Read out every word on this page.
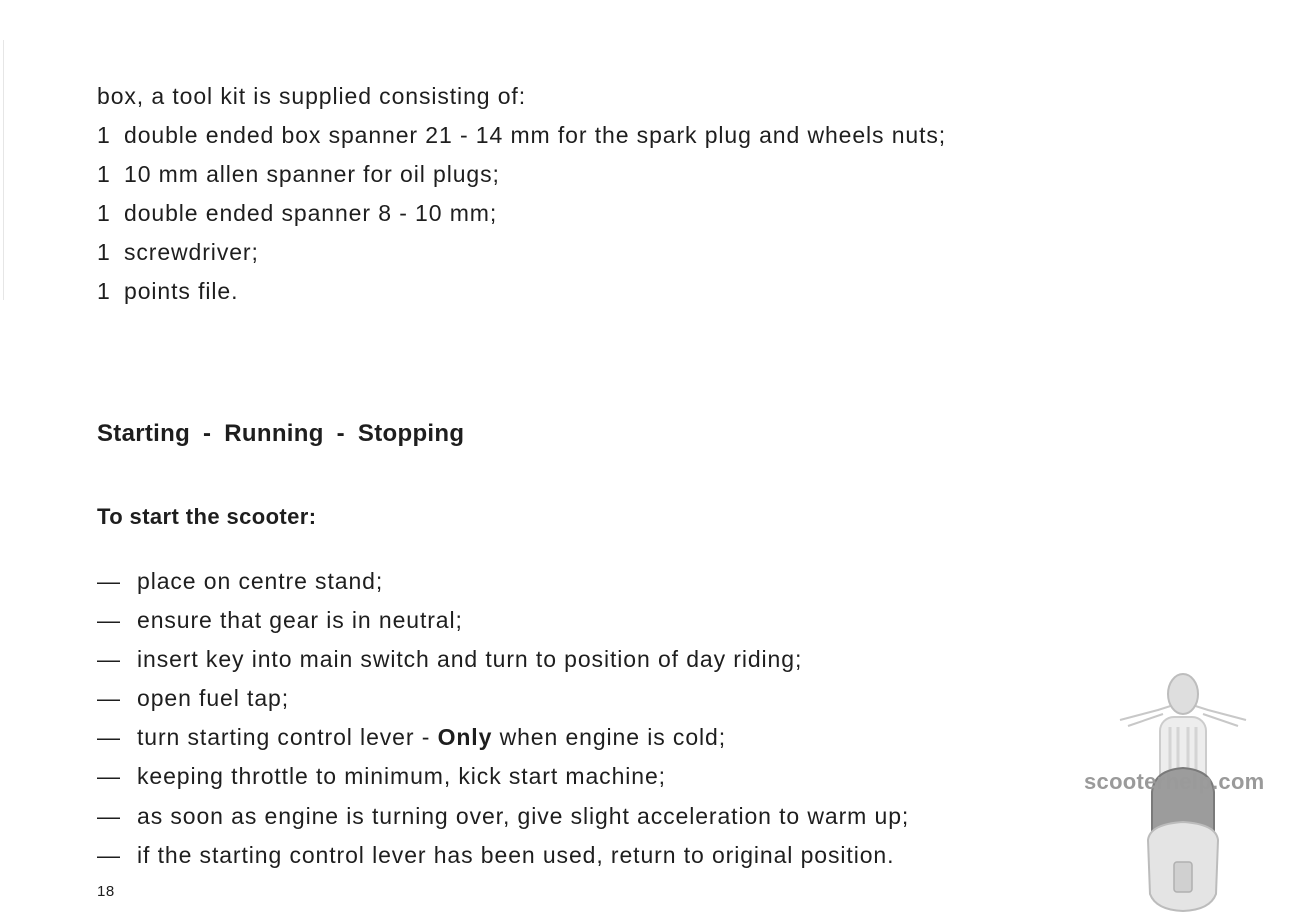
box, a tool kit is supplied consisting of:
1 double ended box spanner 21 - 14 mm for the spark plug and wheels nuts;
1 10 mm allen spanner for oil plugs;
1 double ended spanner 8 - 10 mm;
1 screwdriver;
1 points file.
Starting - Running - Stopping
To start the scooter:
— place on centre stand;
— ensure that gear is in neutral;
— insert key into main switch and turn to position of day riding;
— open fuel tap;
— turn starting control lever - Only when engine is cold;
— keeping throttle to minimum, kick start machine;
— as soon as engine is turning over, give slight acceleration to warm up;
— if the starting control lever has been used, return to original position.
18
scooterhelp.com
